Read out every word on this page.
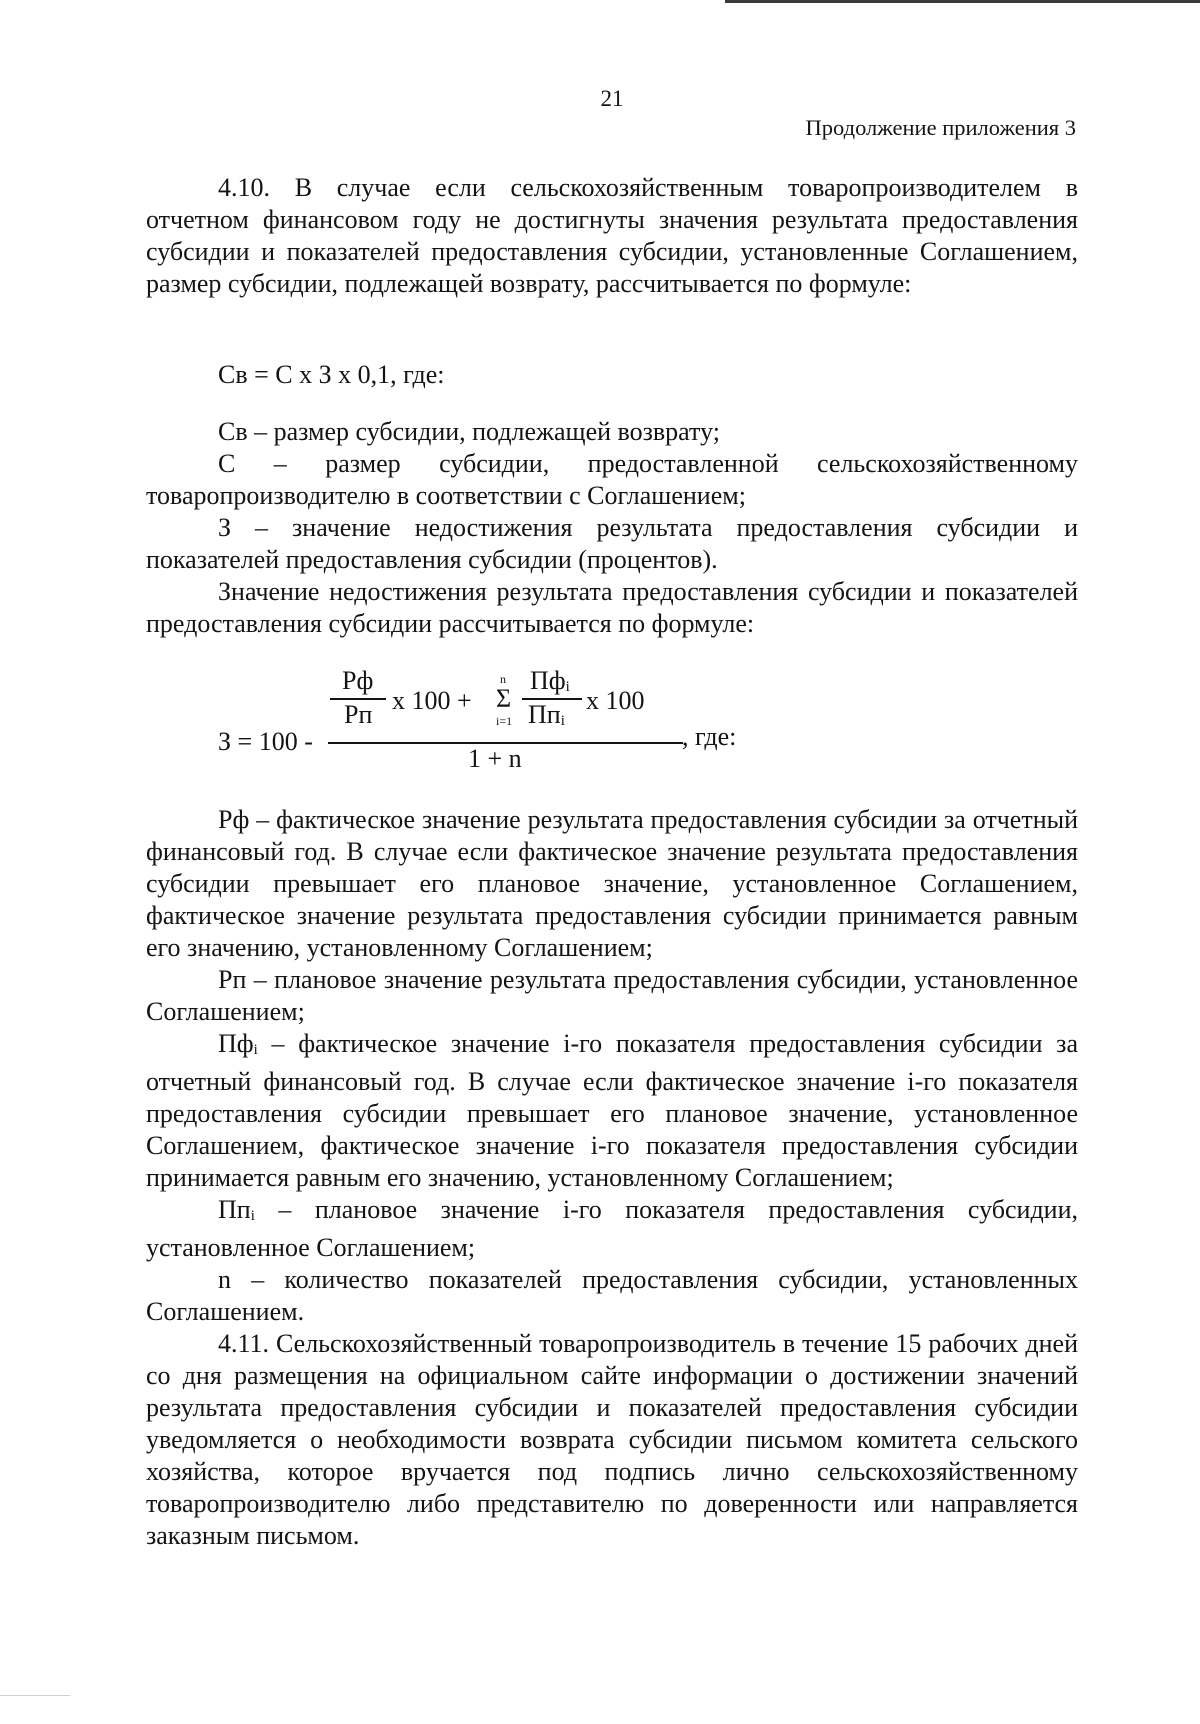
21
Продолжение приложения 3

4.10. В случае если сельскохозяйственным товаропроизводителем в отчетном финансовом году не достигнуты значения результата предоставления субсидии и показателей предоставления субсидии, установленные Соглашением, размер субсидии, подлежащей возврату, рассчитывается по формуле:

Св = С х З х 0,1, где:

Св – размер субсидии, подлежащей возврату;

С – размер субсидии, предоставленной сельскохозяйственному товаропроизводителю в соответствии с Соглашением;

З – значение недостижения результата предоставления субсидии и показателей предоставления субсидии (процентов).

Значение недостижения результата предоставления субсидии и показателей предоставления субсидии рассчитывается по формуле:

З = 100 -
Рф
Рп х 100 +
n
Σ
i=1
Пфi
Ппi
х 100
1 + n
, где:

Рф – фактическое значение результата предоставления субсидии за отчетный финансовый год. В случае если фактическое значение результата предоставления субсидии превышает его плановое значение, установленное Соглашением, фактическое значение результата предоставления субсидии принимается равным его значению, установленному Соглашением;

Рп – плановое значение результата предоставления субсидии, установленное Соглашением;

Пфi – фактическое значение i-го показателя предоставления субсидии за отчетный финансовый год. В случае если фактическое значение i-го показателя предоставления субсидии превышает его плановое значение, установленное Соглашением, фактическое значение i-го показателя предоставления субсидии принимается равным его значению, установленному Соглашением;

Ппi – плановое значение i-го показателя предоставления субсидии, установленное Соглашением;

n – количество показателей предоставления субсидии, установленных Соглашением.

4.11. Сельскохозяйственный товаропроизводитель в течение 15 рабочих дней со дня размещения на официальном сайте информации о достижении значений результата предоставления субсидии и показателей предоставления субсидии уведомляется о необходимости возврата субсидии письмом комитета сельского хозяйства, которое вручается под подпись лично сельскохозяйственному товаропроизводителю либо представителю по доверенности или направляется заказным письмом.
